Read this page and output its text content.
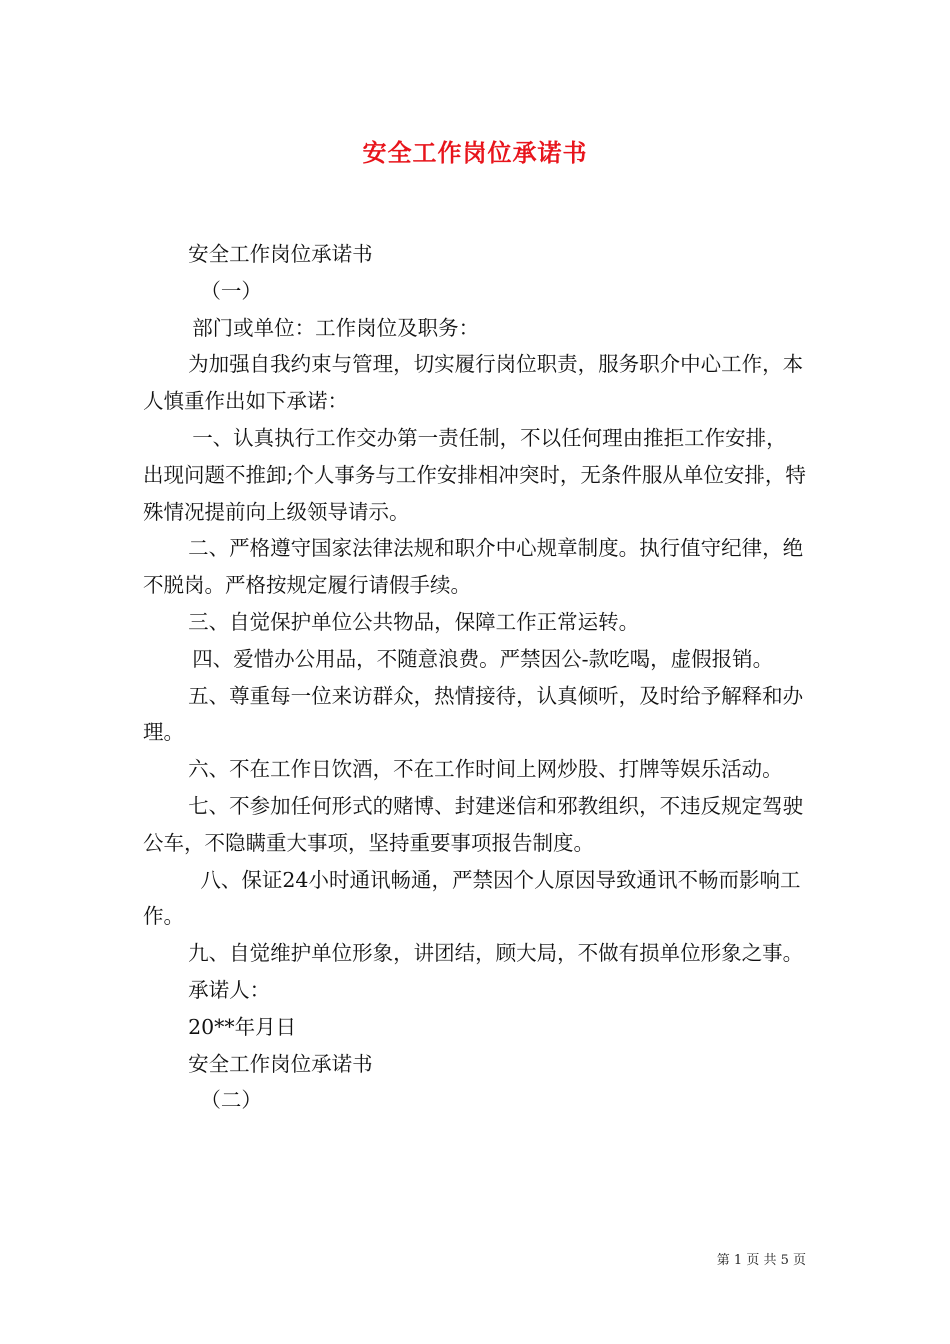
安全工作岗位承诺书

安全工作岗位承诺书

（一）

部门或单位：工作岗位及职务：

为加强自我约束与管理，切实履行岗位职责，服务职介中心工作，本人慎重作出如下承诺：

一、认真执行工作交办第一责任制，不以任何理由推拒工作安排，出现问题不推卸;个人事务与工作安排相冲突时，无条件服从单位安排，特殊情况提前向上级领导请示。

二、严格遵守国家法律法规和职介中心规章制度。执行值守纪律，绝不脱岗。严格按规定履行请假手续。

三、自觉保护单位公共物品，保障工作正常运转。

四、爱惜办公用品，不随意浪费。严禁因公-款吃喝，虚假报销。

五、尊重每一位来访群众，热情接待，认真倾听，及时给予解释和办理。

六、不在工作日饮酒，不在工作时间上网炒股、打牌等娱乐活动。

七、不参加任何形式的赌博、封建迷信和邪教组织，不违反规定驾驶公车，不隐瞒重大事项，坚持重要事项报告制度。

八、保证24小时通讯畅通，严禁因个人原因导致通讯不畅而影响工作。

九、自觉维护单位形象，讲团结，顾大局，不做有损单位形象之事。

承诺人：

20**年月日

安全工作岗位承诺书

（二）

第 1 页 共 5 页
